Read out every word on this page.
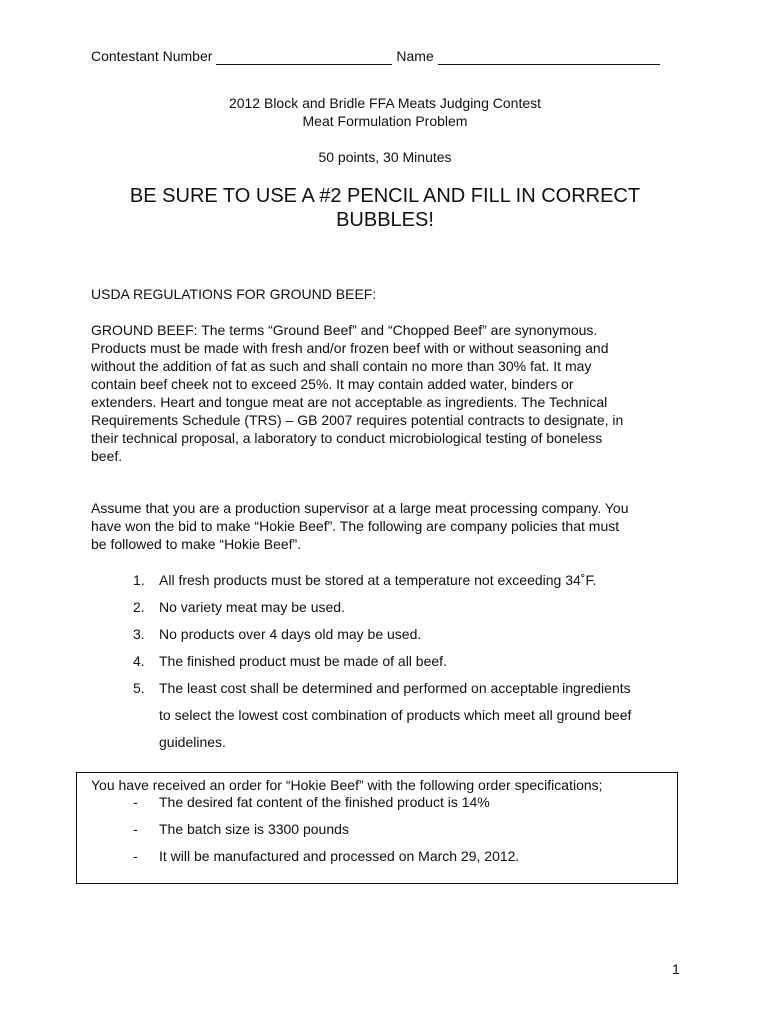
Contestant Number	Name
2012 Block and Bridle FFA Meats Judging Contest
Meat Formulation Problem
50 points, 30 Minutes
BE SURE TO USE A #2 PENCIL AND FILL IN CORRECT
BUBBLES!

USDA REGULATIONS FOR GROUND BEEF:

GROUND BEEF: The terms “Ground Beef” and “Chopped Beef” are synonymous.
Products must be made with fresh and/or frozen beef with or without seasoning and
without the addition of fat as such and shall contain no more than 30% fat. It may
contain beef cheek not to exceed 25%. It may contain added water, binders or
extenders. Heart and tongue meat are not acceptable as ingredients. The Technical
Requirements Schedule (TRS) – GB 2007 requires potential contracts to designate, in
their technical proposal, a laboratory to conduct microbiological testing of boneless
beef.
Assume that you are a production supervisor at a large meat processing company. You
have won the bid to make “Hokie Beef”. The following are company policies that must
be followed to make “Hokie Beef”.
1.	All fresh products must be stored at a temperature not exceeding 34˚F.
2.	No variety meat may be used.
3.	No products over 4 days old may be used.
4.	The finished product must be made of all beef.
5.	The least cost shall be determined and performed on acceptable ingredients
to select the lowest cost combination of products which meet all ground beef
guidelines.

You have received an order for “Hokie Beef” with the following order specifications;

-	The desired fat content of the finished product is 14%
-	The batch size is 3300 pounds
-	It will be manufactured and processed on March 29, 2012.
1
